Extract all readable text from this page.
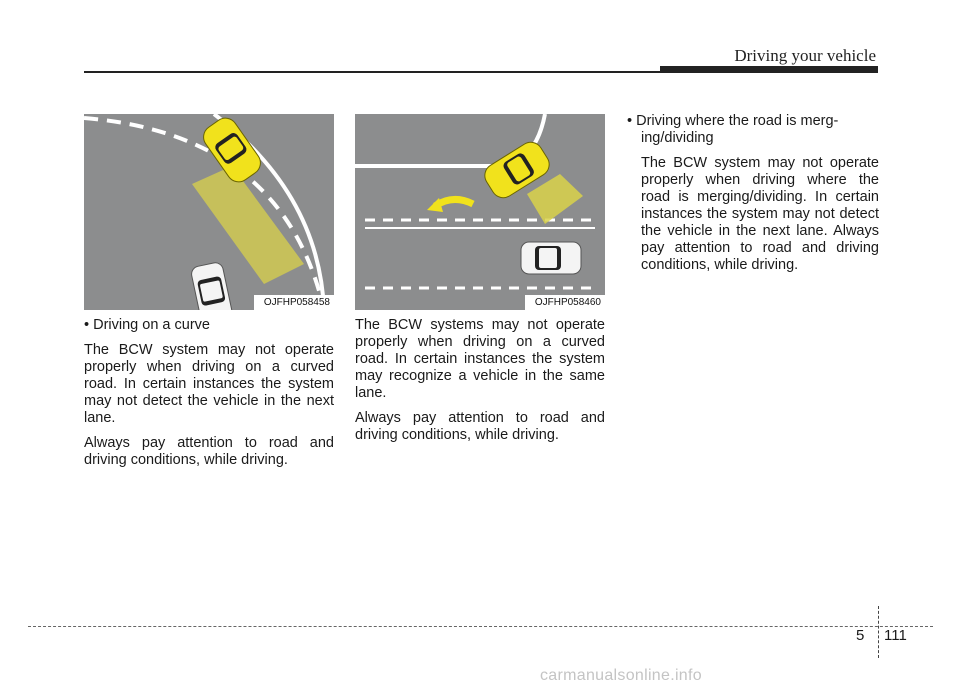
Driving your vehicle
OJFHP058458	OJFHP058460

• Driving on a curve

The BCW system may not operate properly when driving on a curved road. In certain instances the system may not detect the vehicle in the next lane.

Always pay attention to road and driving conditions, while driving.

The BCW systems may not operate properly when driving on a curved road. In certain instances the system may recognize a vehicle in the same lane.

Always pay attention to road and driving conditions, while driving.

• Driving where the road is merg-ing/dividing

The BCW system may not operate properly when driving where the road is merging/dividing. In certain instances the system may not detect the vehicle in the next lane. Always pay attention to road and driving conditions, while driving.

5 111
carmanualsonline.info
